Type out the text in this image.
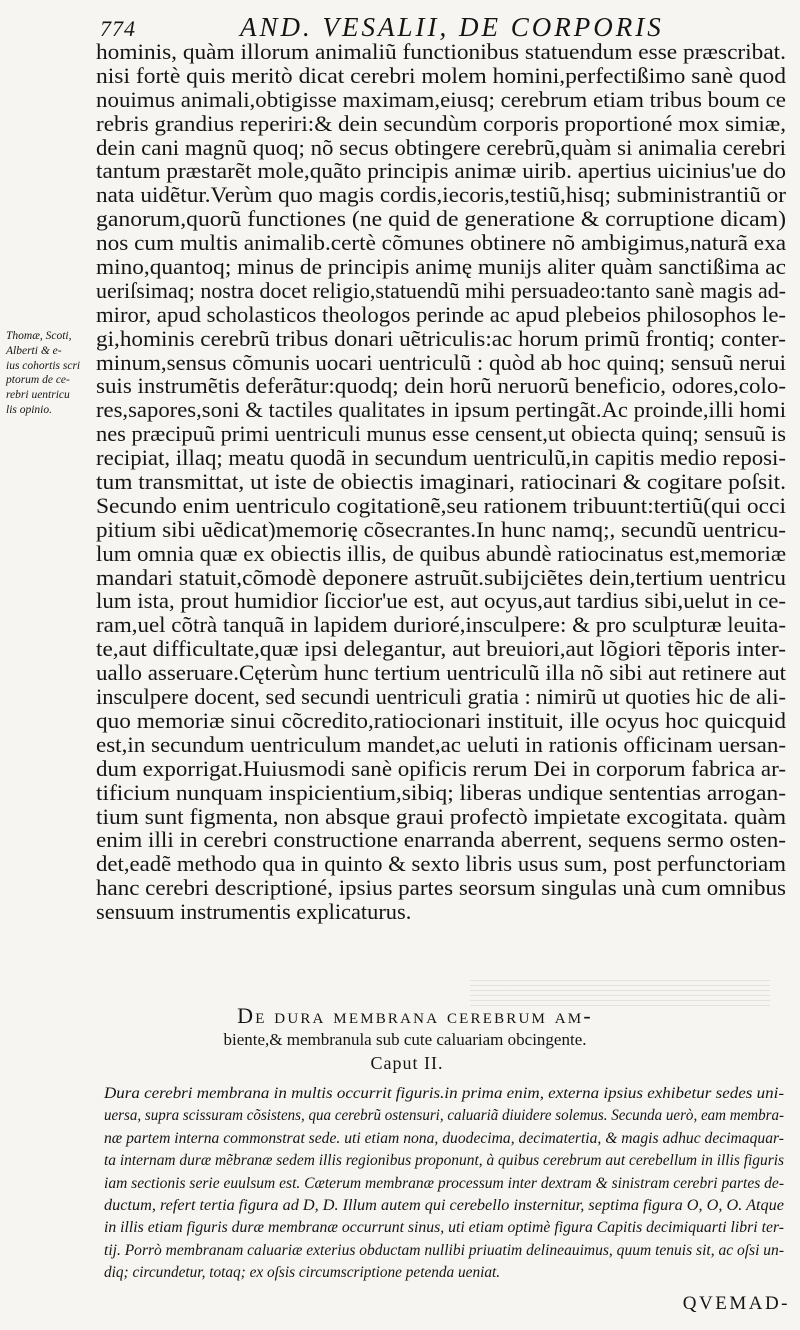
774	AND. VESALII, DE CORPORIS
hominis, quàm illorum animaliũ functionibus statuendum esse præscribat.
nisi fortè quis meritò dicat cerebri molem homini,perfectißimo sanè quod
nouimus animali,obtigisse maximam,eiusq; cerebrum etiam tribus boum ce
rebris grandius reperiri:& dein secundùm corporis proportioné mox simiæ,
dein cani magnũ quoq; nõ secus obtingere cerebrũ,quàm si animalia cerebri
tantum præstarẽt mole,quãto principis animæ uirib. apertius uicinius'ue do
nata uidẽtur.Verùm quo magis cordis,iecoris,testiũ,hisq; subministrantiũ or
ganorum,quorũ functiones (ne quid de generatione & corruptione dicam)
nos cum multis animalib.certè cõmunes obtinere nõ ambigimus,naturã exa
mino,quantoq; minus de principis animę munijs aliter quàm sanctißima ac
ueriſsimaq; nostra docet religio,statuendũ mihi persuadeo:tanto sanè magis ad-
miror, apud scholasticos theologos perinde ac apud plebeios philosophos le-
gi,hominis cerebrũ tribus donari uẽtriculis:ac horum primũ frontiq; conter-
minum,sensus cõmunis uocari uentriculũ : quòd ab hoc quinq; sensuũ nerui
suis instrumẽtis deferãtur:quodq; dein horũ neruorũ beneficio, odores,colo-
res,sapores,soni & tactiles qualitates in ipsum pertingãt.Ac proinde,illi homi
nes præcipuũ primi uentriculi munus esse censent,ut obiecta quinq; sensuũ is
recipiat, illaq; meatu quodã in secundum uentriculũ,in capitis medio reposi-
tum transmittat, ut iste de obiectis imaginari, ratiocinari & cogitare poſsit.
Secundo enim uentriculo cogitationẽ,seu rationem tribuunt:tertiũ(qui occi
pitium sibi uẽdicat)memorię cõsecrantes.In hunc namq;, secundũ uentricu-
lum omnia quæ ex obiectis illis, de quibus abundè ratiocinatus est,memoriæ
mandari statuit,cõmodè deponere astruũt.subijciẽtes dein,tertium uentricu
lum ista, prout humidior ſiccior'ue est, aut ocyus,aut tardius sibi,uelut in ce-
ram,uel cõtrà tanquã in lapidem durioré,insculpere: & pro sculpturæ leuita-
te,aut difficultate,quæ ipsi delegantur, aut breuiori,aut lõgiori tẽporis inter-
uallo asseruare.Cęterùm hunc tertium uentriculũ illa nõ sibi aut retinere aut
insculpere docent, sed secundi uentriculi gratia : nimirũ ut quoties hic de ali-
quo memoriæ sinui cõcredito,ratiocionari instituit, ille ocyus hoc quicquid
est,in secundum uentriculum mandet,ac ueluti in rationis officinam uersan-
dum exporrigat.Huiusmodi sanè opificis rerum Dei in corporum fabrica ar-
tificium nunquam inspicientium,sibiq; liberas undique sententias arrogan-
tium sunt figmenta, non absque graui profectò impietate excogitata. quàm
enim illi in cerebri constructione enarranda aberrent, sequens sermo osten-
det,eadẽ methodo qua in quinto & sexto libris usus sum, post perfunctoriam
hanc cerebri descriptioné, ipsius partes seorsum singulas unà cum omnibus
sensuum instrumentis explicaturus.
Thomæ, Scoti,
Alberti & e-
ius cohortis scri
ptorum de ce-
rebri uentricu
lis opinio.
De dura membrana cerebrum am-
biente,& membranula sub cute caluariam obcingente.
Caput II.
Dura cerebri membrana in multis occurrit figuris.in prima enim, externa ipsius exhibetur sedes uni-
uersa, supra scissuram cõsistens, qua cerebrũ ostensuri, caluariã diuidere solemus. Secunda uerò, eam membra-
næ partem interna commonstrat sede. uti etiam nona, duodecima, decimatertia, & magis adhuc decimaquar-
ta internam duræ mẽbranæ sedem illis regionibus proponunt, à quibus cerebrum aut cerebellum in illis figuris
iam sectionis serie euulsum est. Cæterum membranæ processum inter dextram & sinistram cerebri partes de-
ductum, refert tertia figura ad D, D. Illum autem qui cerebello insternitur, septima figura O, O, O. Atque
in illis etiam figuris duræ membranæ occurrunt sinus, uti etiam optimè figura Capitis decimiquarti libri ter-
tij. Porrò membranam caluariæ exterius obductam nullibi priuatim delineauimus, quum tenuis sit, ac oſsi un-
diq; circundetur, totaq; ex oſsis circumscriptione petenda ueniat.
QVEMAD-
